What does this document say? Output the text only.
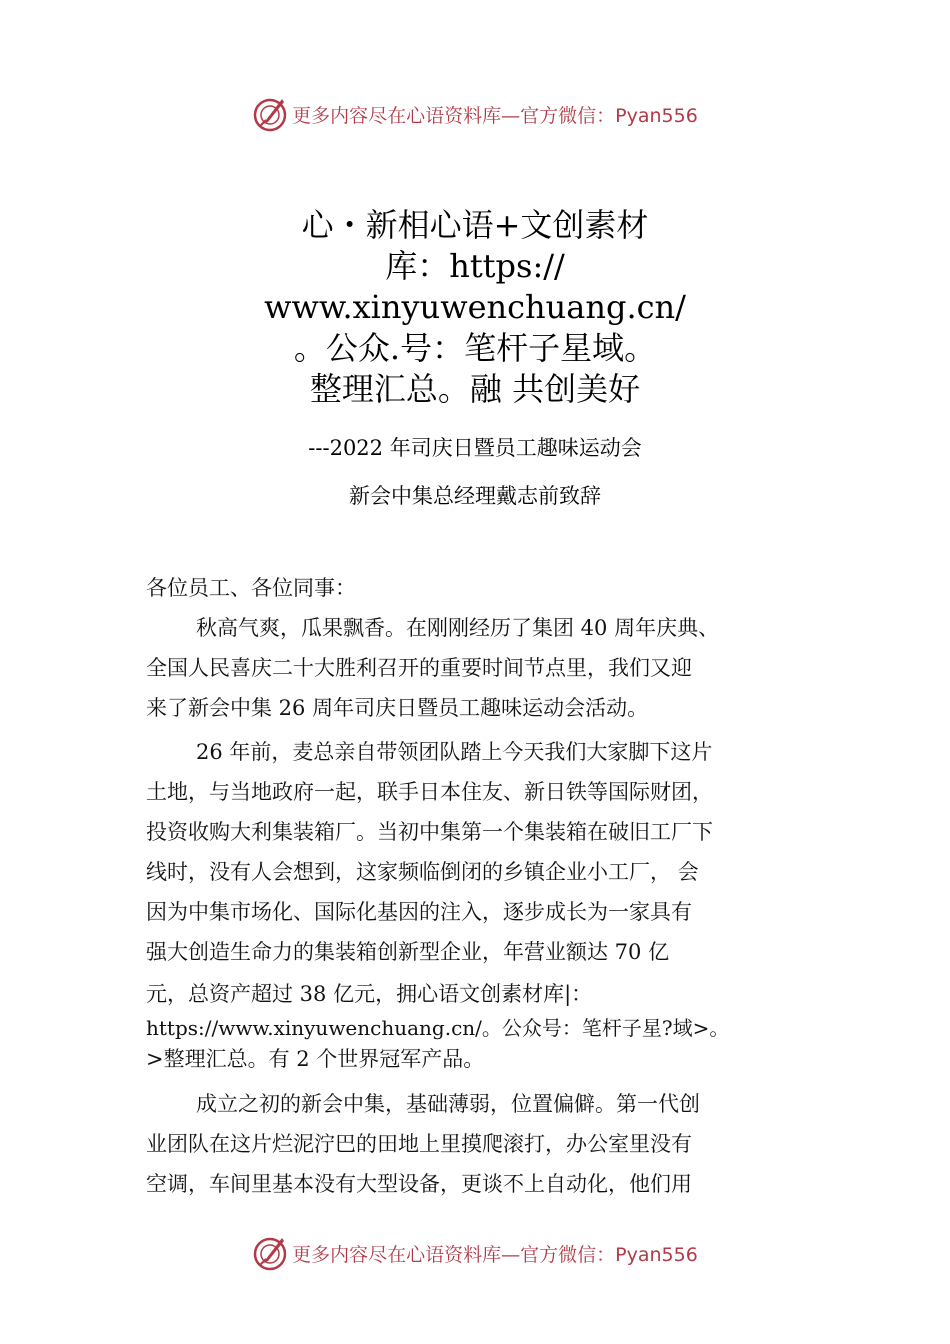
更多内容尽在心语资料库—官方微信：Pyan556
心・新相心语+文创素材
库：https://
www.xinyuwenchuang.cn/
。公众.号：笔杆子星域。
整理汇总。融 共创美好
---2022 年司庆日暨员工趣味运动会
新会中集总经理戴志前致辞
各位员工、各位同事：
秋高气爽，瓜果飘香。在刚刚经历了集团 40 周年庆典、
全国人民喜庆二十大胜利召开的重要时间节点里，我们又迎
来了新会中集 26 周年司庆日暨员工趣味运动会活动。
26 年前，麦总亲自带领团队踏上今天我们大家脚下这片
土地，与当地政府一起，联手日本住友、新日铁等国际财团，
投资收购大利集装箱厂。当初中集第一个集装箱在破旧工厂下
线时，没有人会想到，这家频临倒闭的乡镇企业小工厂， 会
因为中集市场化、国际化基因的注入，逐步成长为一家具有
强大创造生命力的集装箱创新型企业，年营业额达 70 亿
元，总资产超过 38 亿元，拥心语文创素材库|：
https://www.xinyuwenchuang.cn/。公众号：笔杆子星?域>。
>整理汇总。有 2 个世界冠军产品。
成立之初的新会中集，基础薄弱，位置偏僻。第一代创
业团队在这片烂泥泞巴的田地上里摸爬滚打，办公室里没有
空调，车间里基本没有大型设备，更谈不上自动化，他们用
更多内容尽在心语资料库—官方微信：Pyan556
